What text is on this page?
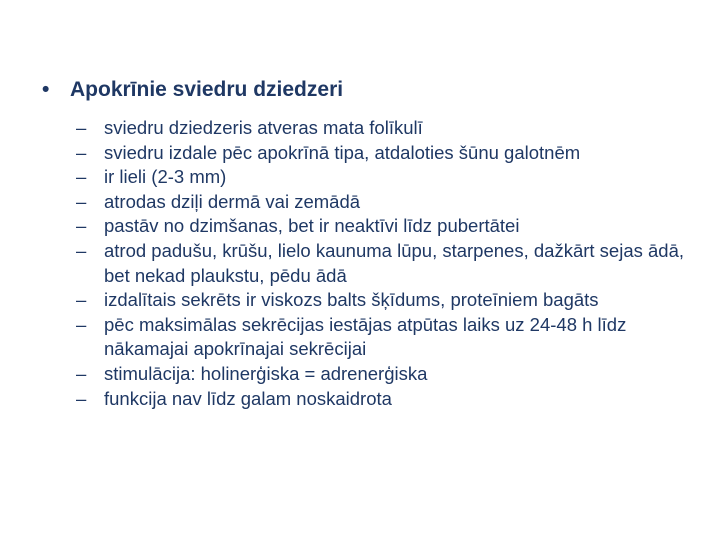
• Apokrīnie sviedru dziedzeri
– sviedru dziedzeris atveras mata folīkulī
– sviedru izdale pēc apokrīnā tipa, atdaloties šūnu galotnēm
– ir lieli (2-3 mm)
– atrodas dziļi dermā vai zemādā
– pastāv no dzimšanas, bet ir neaktīvi līdz pubertātei
– atrod padušu, krūšu, lielo kaunuma lūpu, starpenes, dažkārt sejas ādā, bet nekad plaukstu, pēdu ādā
– izdalītais sekrēts ir viskozs balts šķīdums, proteīniem bagāts
– pēc maksimālas sekrēcijas iestājas atpūtas laiks uz 24-48 h līdz nākamajai apokrīnajai sekrēcijai
– stimulācija: holinerģiska = adrenerģiska
– funkcija nav līdz galam noskaidrota
